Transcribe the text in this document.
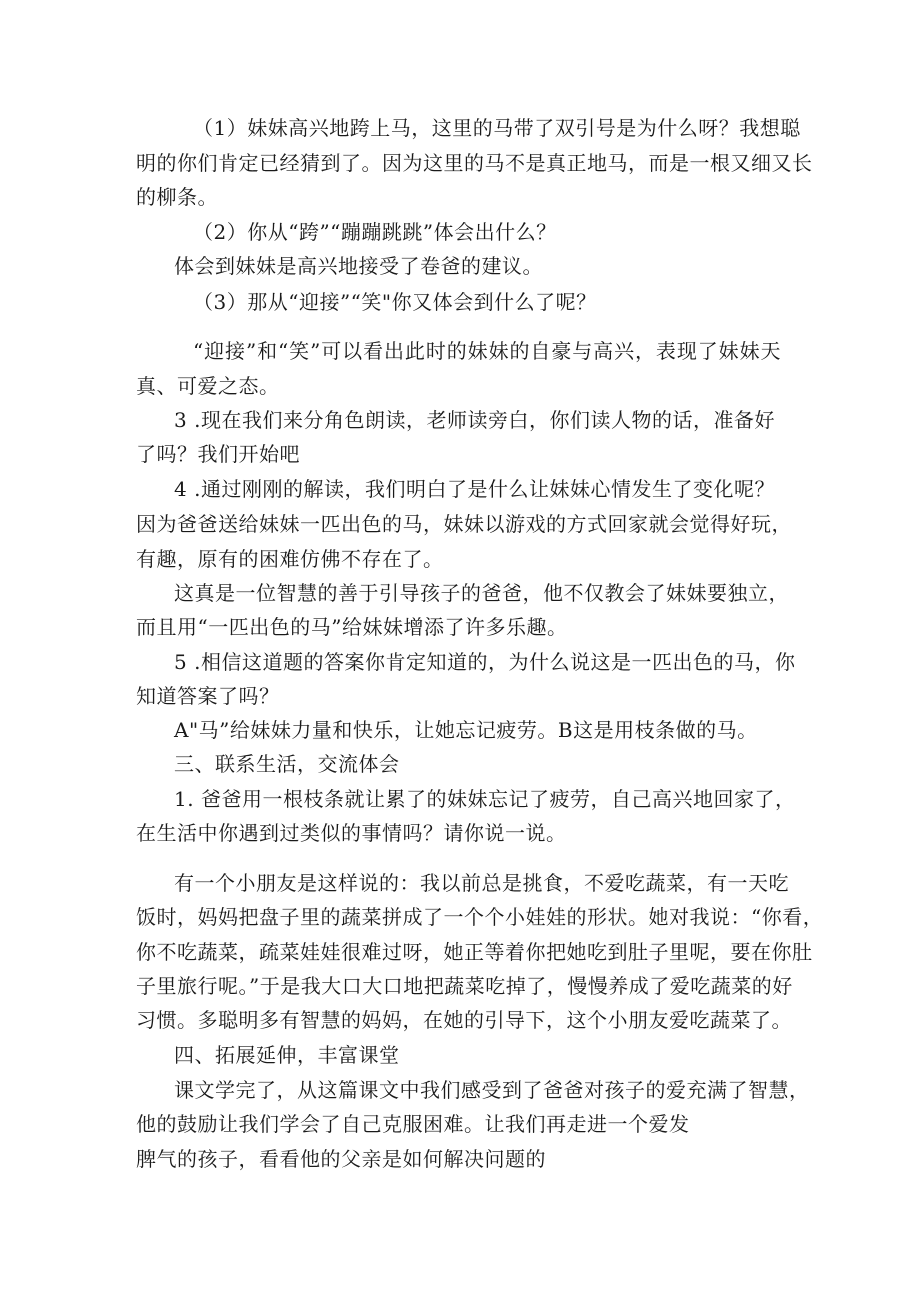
（1）妹妹高兴地跨上马，这里的马带了双引号是为什么呀？我想聪
明的你们肯定已经猜到了。因为这里的马不是真正地马，而是一根又细又长
的柳条。
（2）你从“跨”“蹦蹦跳跳”体会出什么？
体会到妹妹是高兴地接受了卷爸的建议。
（3）那从“迎接”“笑"你又体会到什么了呢？
“迎接”和“笑”可以看出此时的妹妹的自豪与高兴，表现了妹妹天
真、可爱之态。
3 .现在我们来分角色朗读，老师读旁白，你们读人物的话，准备好
了吗？我们开始吧
4 .通过刚刚的解读，我们明白了是什么让妹妹心情发生了变化呢？
因为爸爸送给妹妹一匹出色的马，妹妹以游戏的方式回家就会觉得好玩，
有趣，原有的困难仿佛不存在了。
这真是一位智慧的善于引导孩子的爸爸，他不仅教会了妹妹要独立，
而且用“一匹出色的马”给妹妹增添了许多乐趣。
5 .相信这道题的答案你肯定知道的，为什么说这是一匹出色的马，你
知道答案了吗？
A"马”给妹妹力量和快乐，让她忘记疲劳。B这是用枝条做的马。
三、联系生活，交流体会
1. 爸爸用一根枝条就让累了的妹妹忘记了疲劳，自己高兴地回家了，
在生活中你遇到过类似的事情吗？请你说一说。
有一个小朋友是这样说的：我以前总是挑食，不爱吃蔬菜，有一天吃
饭时，妈妈把盘子里的蔬菜拼成了一个个小娃娃的形状。她对我说：“你看，
你不吃蔬菜，疏菜娃娃很难过呀，她正等着你把她吃到肚子里呢，要在你肚
子里旅行呢。”于是我大口大口地把蔬菜吃掉了，慢慢养成了爱吃蔬菜的好
习惯。多聪明多有智慧的妈妈，在她的引导下，这个小朋友爱吃蔬菜了。
四、拓展延伸，丰富课堂
课文学完了，从这篇课文中我们感受到了爸爸对孩子的爱充满了智慧，
他的鼓励让我们学会了自己克服困难。让我们再走进一个爱发
脾气的孩子，看看他的父亲是如何解决问题的
